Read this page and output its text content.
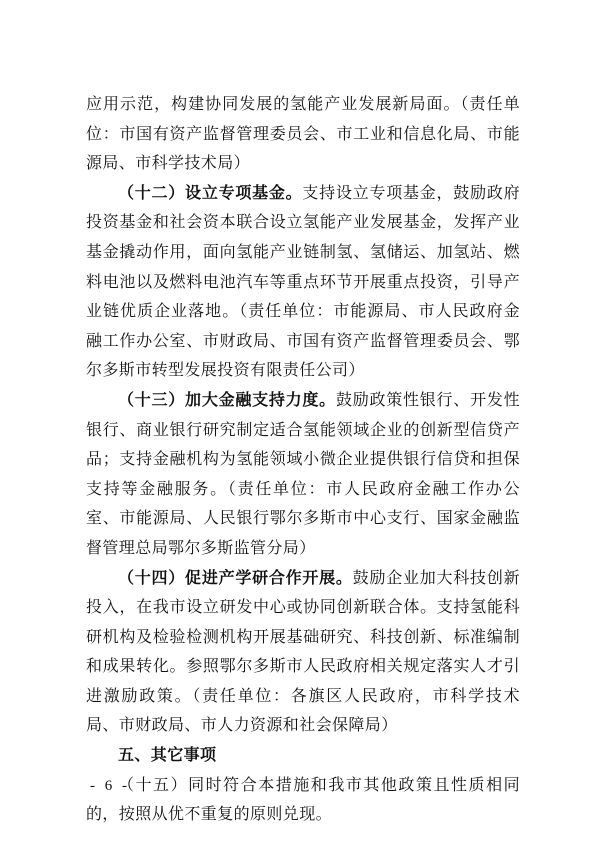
应用示范，构建协同发展的氢能产业发展新局面。（责任单位：市国有资产监督管理委员会、市工业和信息化局、市能源局、市科学技术局）

（十二）设立专项基金。支持设立专项基金，鼓励政府投资基金和社会资本联合设立氢能产业发展基金，发挥产业基金撬动作用，面向氢能产业链制氢、氢储运、加氢站、燃料电池以及燃料电池汽车等重点环节开展重点投资，引导产业链优质企业落地。（责任单位：市能源局、市人民政府金融工作办公室、市财政局、市国有资产监督管理委员会、鄂尔多斯市转型发展投资有限责任公司）

（十三）加大金融支持力度。鼓励政策性银行、开发性银行、商业银行研究制定适合氢能领域企业的创新型信贷产品；支持金融机构为氢能领域小微企业提供银行信贷和担保支持等金融服务。（责任单位：市人民政府金融工作办公室、市能源局、人民银行鄂尔多斯市中心支行、国家金融监督管理总局鄂尔多斯监管分局）

（十四）促进产学研合作开展。鼓励企业加大科技创新投入，在我市设立研发中心或协同创新联合体。支持氢能科研机构及检验检测机构开展基础研究、科技创新、标准编制和成果转化。参照鄂尔多斯市人民政府相关规定落实人才引进激励政策。（责任单位：各旗区人民政府，市科学技术局、市财政局、市人力资源和社会保障局）

五、其它事项

（十五）同时符合本措施和我市其他政策且性质相同的，按照从优不重复的原则兑现。

- 6 -
